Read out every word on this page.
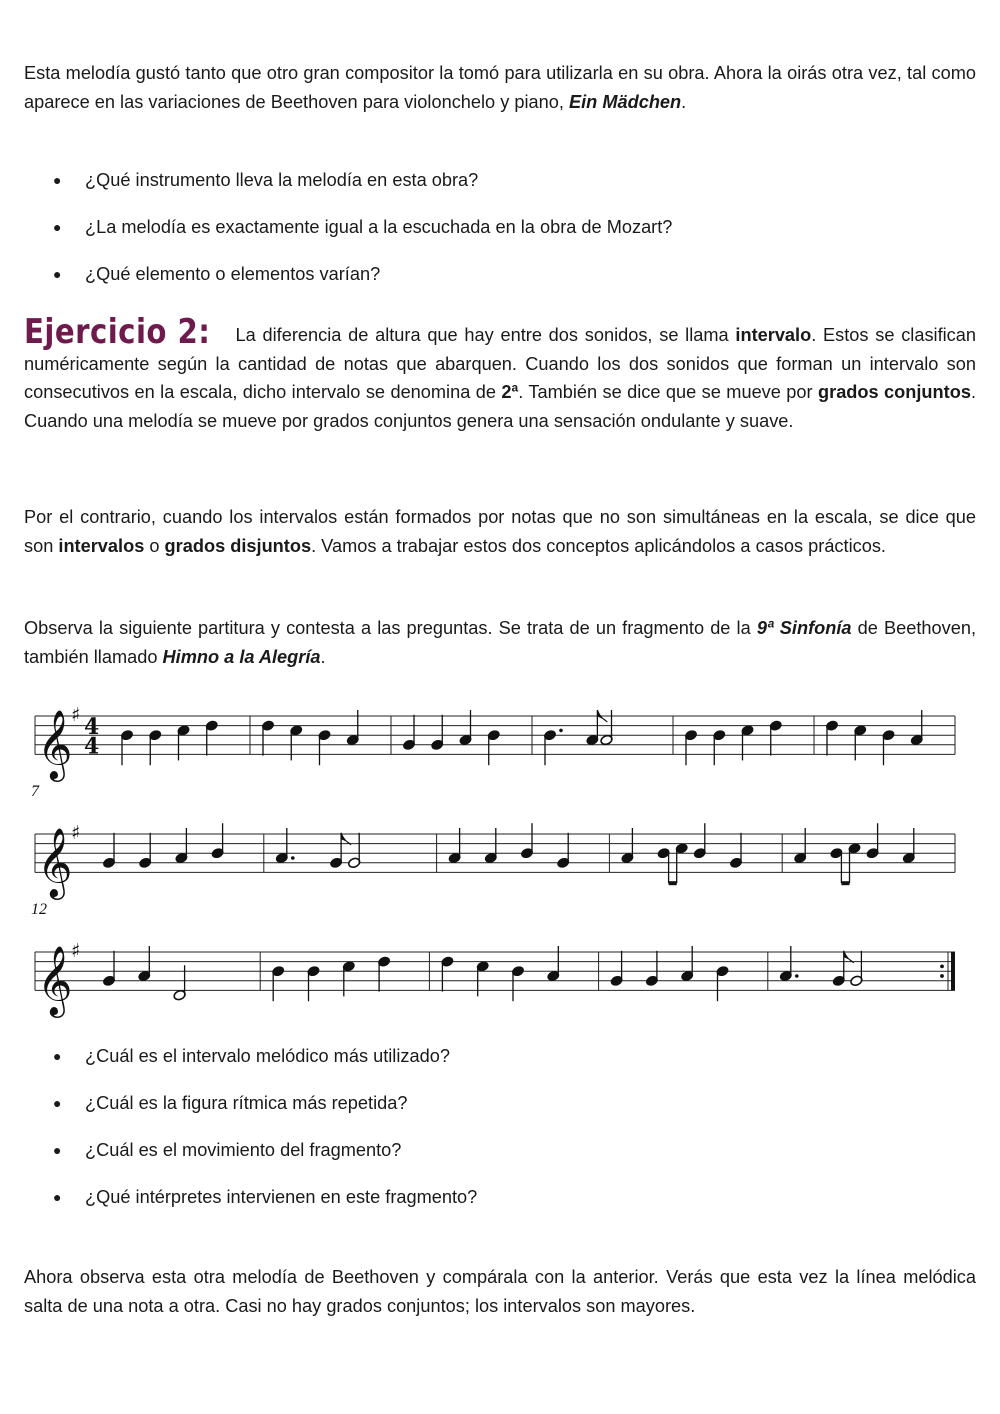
Esta melodía gustó tanto que otro gran compositor la tomó para utilizarla en su obra. Ahora la oirás otra vez, tal como aparece en las variaciones de Beethoven para violonchelo y piano, Ein Mädchen.

● ¿Qué instrumento lleva la melodía en esta obra?
● ¿La melodía es exactamente igual a la escuchada en la obra de Mozart?
● ¿Qué elemento o elementos varían?

Ejercicio 2: La diferencia de altura que hay entre dos sonidos, se llama intervalo. Estos se clasifican numéricamente según la cantidad de notas que abarquen. Cuando los dos sonidos que forman un intervalo son consecutivos en la escala, dicho intervalo se denomina de 2ª. También se dice que se mueve por grados conjuntos. Cuando una melodía se mueve por grados conjuntos genera una sensación ondulante y suave.

Por el contrario, cuando los intervalos están formados por notas que no son simultáneas en la escala, se dice que son intervalos o grados disjuntos. Vamos a trabajar estos dos conceptos aplicándolos a casos prácticos.

Observa la siguiente partitura y contesta a las preguntas. Se trata de un fragmento de la 9ª Sinfonía de Beethoven, también llamado Himno a la Alegría.

● ¿Cuál es el intervalo melódico más utilizado?
● ¿Cuál es la figura rítmica más repetida?
● ¿Cuál es el movimiento del fragmento?
● ¿Qué intérpretes intervienen en este fragmento?

Ahora observa esta otra melodía de Beethoven y compárala con la anterior. Verás que esta vez la línea melódica salta de una nota a otra. Casi no hay grados conjuntos; los intervalos son mayores.

𝄞
♯ 4
4
𝄞
♯
7
𝄞
♯
12
